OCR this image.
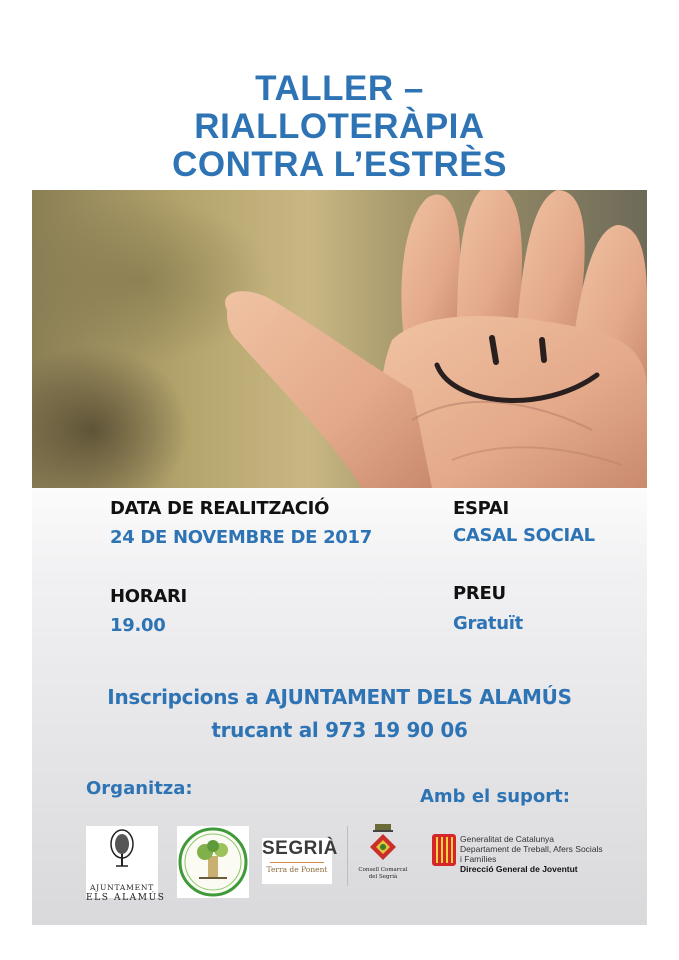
TALLER –
RIALLOTERÀPIA
CONTRA L’ESTRÈS
DATA DE REALITZACIÓ
24 DE NOVEMBRE DE 2017
ESPAI
CASAL SOCIAL
HORARI
19.00
PREU
Gratuït
Inscripcions a AJUNTAMENT DELS ALAMÚS
trucant al 973 19 90 06
Organitza:	Amb el suport:
AJUNTAMENT
ELS ALAMÚS
SEGRIÀ
Terra de Ponent	Consell Comarcal
del Segrià
Generalitat de Catalunya
Departament de Treball, Afers Socials
i Famílies
Direcció General de Joventut
